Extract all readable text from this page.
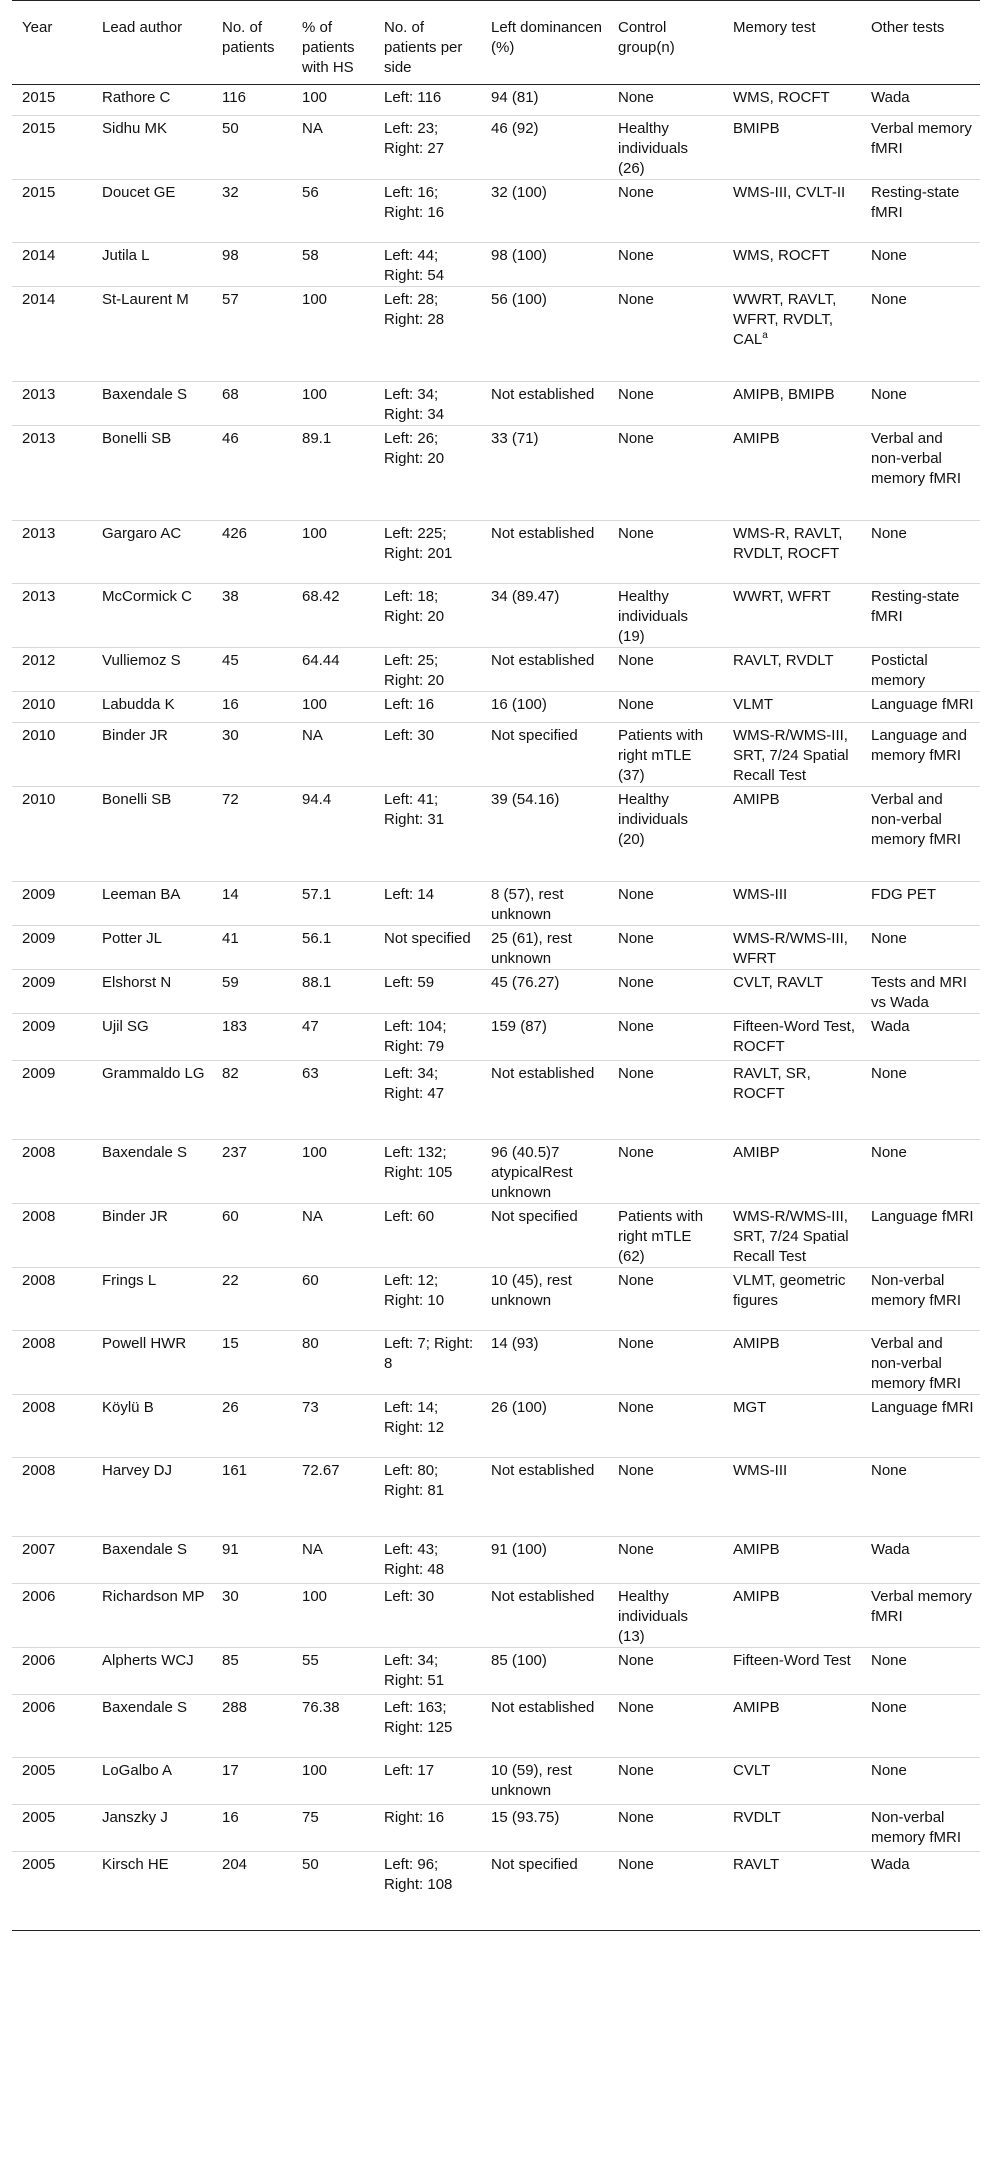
Year	Lead author	No. of patients	% of patients with HS	No. of patients per side	Left dominancen (%)	Control group(n)	Memory test	Other tests
2015	Rathore C	116	100	Left: 116	94 (81)	None	WMS, ROCFT	Wada
2015	Sidhu MK	50	NA	Left: 23; Right: 27	46 (92)	Healthy individuals (26)	BMIPB	Verbal memory fMRI
2015	Doucet GE	32	56	Left: 16; Right: 16	32 (100)	None	WMS-III, CVLT-II	Resting-state fMRI
2014	Jutila L	98	58	Left: 44; Right: 54	98 (100)	None	WMS, ROCFT	None
2014	St-Laurent M	57	100	Left: 28; Right: 28	56 (100)	None	WWRT, RAVLT, WFRT, RVDLT, CAL$^a$	None
2013	Baxendale S	68	100	Left: 34; Right: 34	Not established	None	AMIPB, BMIPB	None
2013	Bonelli SB	46	89.1	Left: 26; Right: 20	33 (71)	None	AMIPB	Verbal and non-verbal memory fMRI
2013	Gargaro AC	426	100	Left: 225; Right: 201	Not established	None	WMS-R, RAVLT, RVDLT, ROCFT	None
2013	McCormick C	38	68.42	Left: 18; Right: 20	34 (89.47)	Healthy individuals (19)	WWRT, WFRT	Resting-state fMRI
2012	Vulliemoz S	45	64.44	Left: 25; Right: 20	Not established	None	RAVLT, RVDLT	Postictal memory
2010	Labudda K	16	100	Left: 16	16 (100)	None	VLMT	Language fMRI
2010	Binder JR	30	NA	Left: 30	Not specified	Patients with right mTLE (37)	WMS-R/WMS-III, SRT, 7/24 Spatial Recall Test	Language and memory fMRI
2010	Bonelli SB	72	94.4	Left: 41; Right: 31	39 (54.16)	Healthy individuals (20)	AMIPB	Verbal and non-verbal memory fMRI
2009	Leeman BA	14	57.1	Left: 14	8 (57), rest unknown	None	WMS-III	FDG PET
2009	Potter JL	41	56.1	Not specified	25 (61), rest unknown	None	WMS-R/WMS-III, WFRT	None
2009	Elshorst N	59	88.1	Left: 59	45 (76.27)	None	CVLT, RAVLT	Tests and MRI vs Wada
2009	Ujil SG	183	47	Left: 104; Right: 79	159 (87)	None	Fifteen-Word Test, ROCFT	Wada
2009	Grammaldo LG	82	63	Left: 34; Right: 47	Not established	None	RAVLT, SR, ROCFT	None
2008	Baxendale S	237	100	Left: 132; Right: 105	96 (40.5)7 atypicalRest unknown	None	AMIBP	None
2008	Binder JR	60	NA	Left: 60	Not specified	Patients with right mTLE (62)	WMS-R/WMS-III, SRT, 7/24 Spatial Recall Test	Language fMRI
2008	Frings L	22	60	Left: 12; Right: 10	10 (45), rest unknown	None	VLMT, geometric figures	Non-verbal memory fMRI
2008	Powell HWR	15	80	Left: 7; Right: 8	14 (93)	None	AMIPB	Verbal and non-verbal memory fMRI
2008	Köylü B	26	73	Left: 14; Right: 12	26 (100)	None	MGT	Language fMRI
2008	Harvey DJ	161	72.67	Left: 80; Right: 81	Not established	None	WMS-III	None
2007	Baxendale S	91	NA	Left: 43; Right: 48	91 (100)	None	AMIPB	Wada
2006	Richardson MP	30	100	Left: 30	Not established	Healthy individuals (13)	AMIPB	Verbal memory fMRI
2006	Alpherts WCJ	85	55	Left: 34; Right: 51	85 (100)	None	Fifteen-Word Test	None
2006	Baxendale S	288	76.38	Left: 163; Right: 125	Not established	None	AMIPB	None
2005	LoGalbo A	17	100	Left: 17	10 (59), rest unknown	None	CVLT	None
2005	Janszky J	16	75	Right: 16	15 (93.75)	None	RVDLT	Non-verbal memory fMRI
2005	Kirsch HE	204	50	Left: 96; Right: 108	Not specified	None	RAVLT	Wada
